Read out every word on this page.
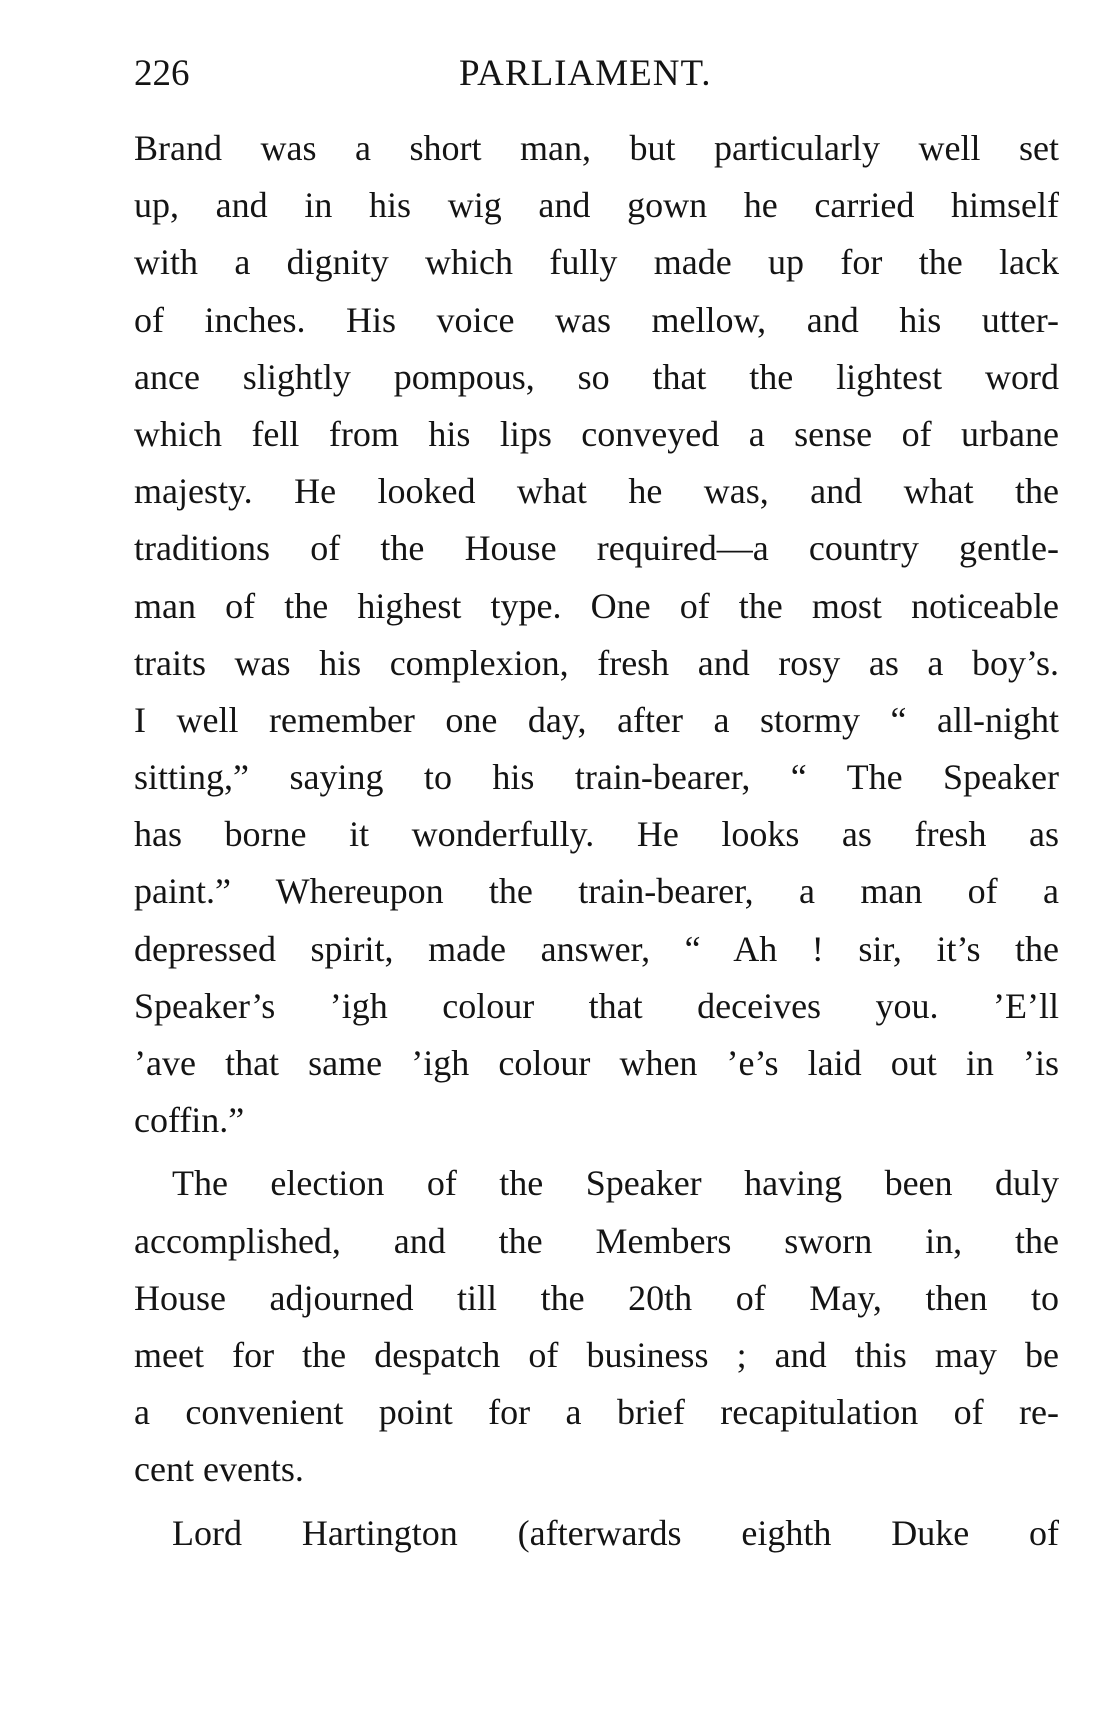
226	PARLIAMENT.
Brand was a short man, but particularly well set
up, and in his wig and gown he carried himself
with a dignity which fully made up for the lack
of inches. His voice was mellow, and his utter-
ance slightly pompous, so that the lightest word
which fell from his lips conveyed a sense of urbane
majesty. He looked what he was, and what the
traditions of the House required—a country gentle-
man of the highest type. One of the most noticeable
traits was his complexion, fresh and rosy as a boy’s.
I well remember one day, after a stormy “ all-night
sitting,” saying to his train-bearer, “ The Speaker
has borne it wonderfully. He looks as fresh as
paint.” Whereupon the train-bearer, a man of a
depressed spirit, made answer, “ Ah ! sir, it’s the
Speaker’s ’igh colour that deceives you. ’E’ll
’ave that same ’igh colour when ’e’s laid out in ’is
coffin.”
The election of the Speaker having been duly
accomplished, and the Members sworn in, the
House adjourned till the 20th of May, then to
meet for the despatch of business ; and this may be
a convenient point for a brief recapitulation of re-
cent events.
Lord Hartington (afterwards eighth Duke of
